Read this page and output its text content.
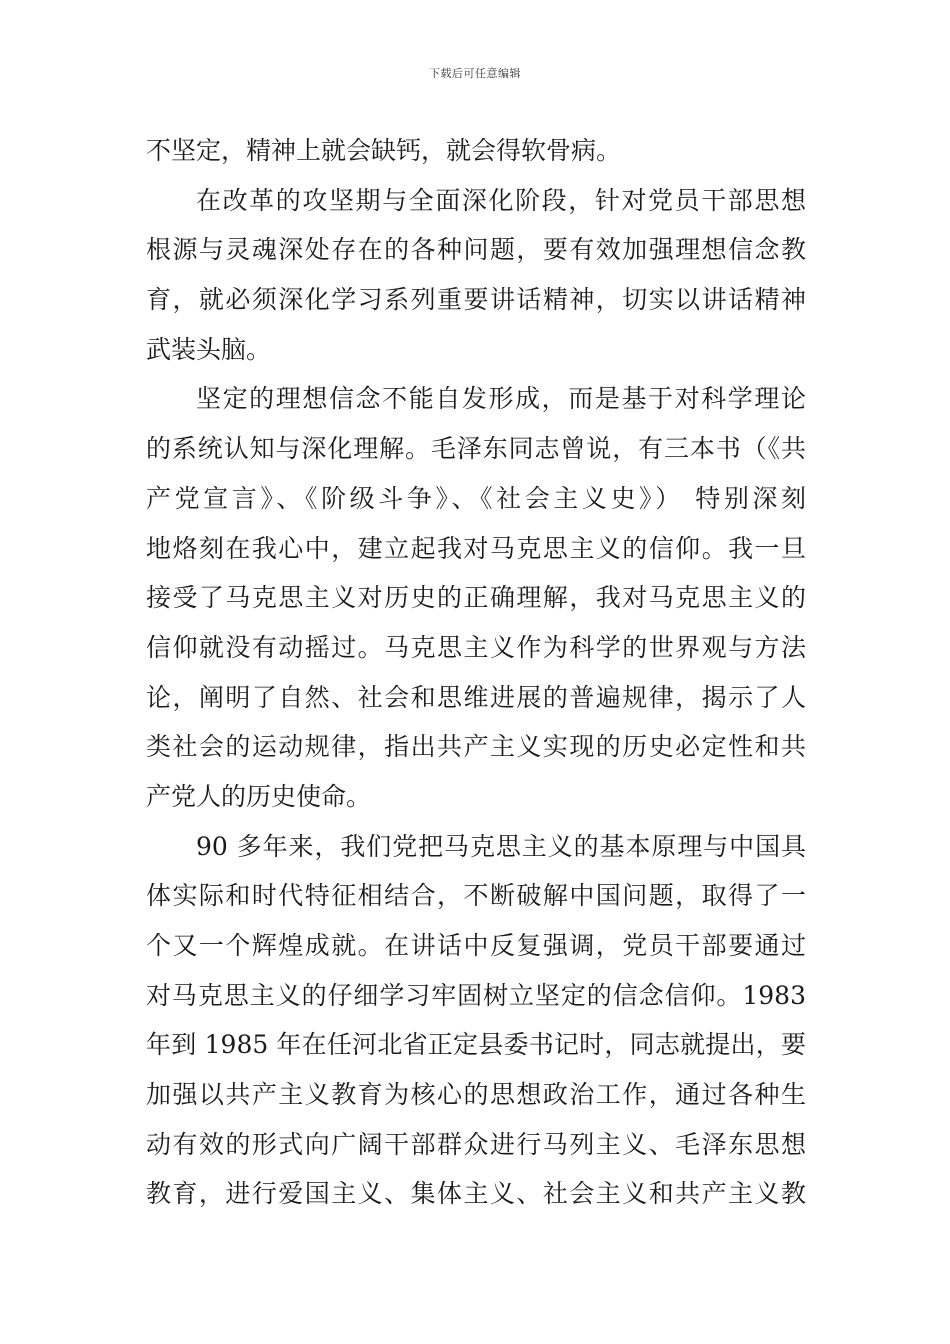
下载后可任意编辑
不坚定，精神上就会缺钙，就会得软骨病。
在改革的攻坚期与全面深化阶段，针对党员干部思想
根源与灵魂深处存在的各种问题，要有效加强理想信念教
育，就必须深化学习系列重要讲话精神，切实以讲话精神
武装头脑。
坚定的理想信念不能自发形成，而是基于对科学理论
的系统认知与深化理解。毛泽东同志曾说，有三本书（《共
产党宣言》、《阶级斗争》、《社会主义史》） 特别深刻
地烙刻在我心中，建立起我对马克思主义的信仰。我一旦
接受了马克思主义对历史的正确理解，我对马克思主义的
信仰就没有动摇过。马克思主义作为科学的世界观与方法
论，阐明了自然、社会和思维进展的普遍规律，揭示了人
类社会的运动规律，指出共产主义实现的历史必定性和共
产党人的历史使命。
90 多年来，我们党把马克思主义的基本原理与中国具
体实际和时代特征相结合，不断破解中国问题，取得了一
个又一个辉煌成就。在讲话中反复强调，党员干部要通过
对马克思主义的仔细学习牢固树立坚定的信念信仰。1983
年到 1985 年在任河北省正定县委书记时，同志就提出，要
加强以共产主义教育为核心的思想政治工作，通过各种生
动有效的形式向广阔干部群众进行马列主义、毛泽东思想
教育，进行爱国主义、集体主义、社会主义和共产主义教
